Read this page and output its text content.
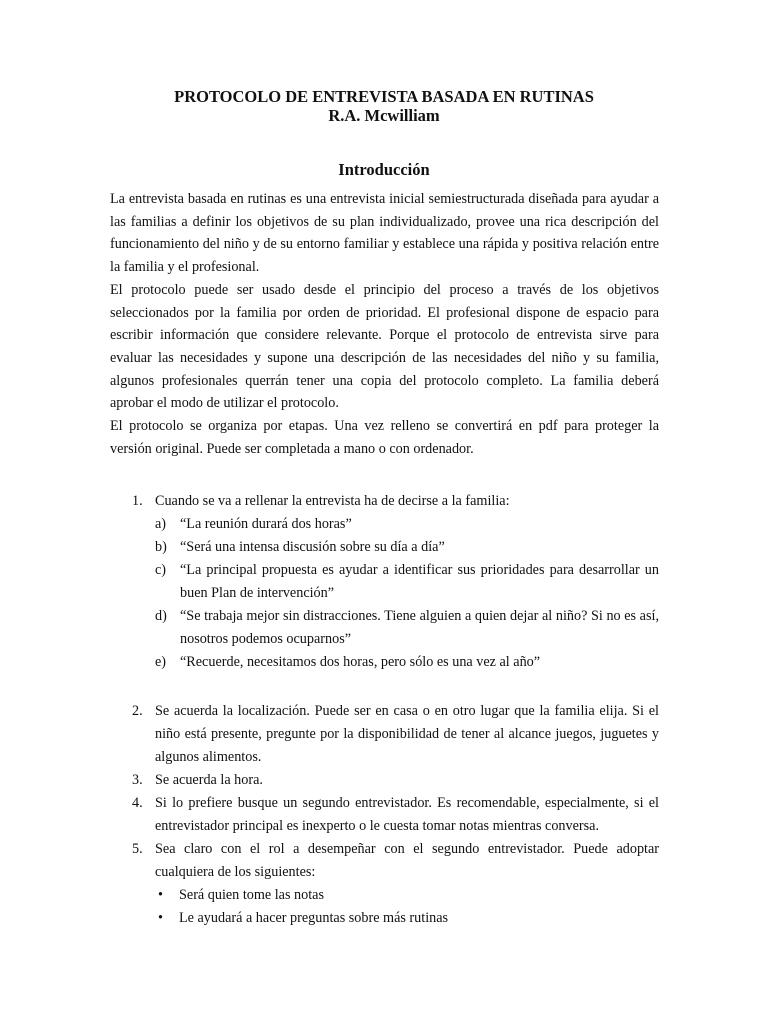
PROTOCOLO DE ENTREVISTA BASADA EN RUTINAS
R.A. Mcwilliam
Introducción

La entrevista basada en rutinas es una entrevista inicial semiestructurada diseñada para ayudar a las familias a definir los objetivos de su plan individualizado, provee una rica descripción del funcionamiento del niño y de su entorno familiar y establece una rápida y positiva relación entre la familia y el profesional.

El protocolo puede ser usado desde el principio del proceso a través de los objetivos seleccionados por la familia por orden de prioridad. El profesional dispone de espacio para escribir información que considere relevante. Porque el protocolo de entrevista sirve para evaluar las necesidades y supone una descripción de las necesidades del niño y su familia, algunos profesionales querrán tener una copia del protocolo completo. La familia deberá aprobar el modo de utilizar el protocolo.

El protocolo se organiza por etapas. Una vez relleno se convertirá en pdf para proteger la versión original. Puede ser completada a mano o con ordenador.

1. Cuando se va a rellenar la entrevista ha de decirse a la familia:
a) “La reunión durará dos horas”
b) “Será una intensa discusión sobre su día a día”
c) “La principal propuesta es ayudar a identificar sus prioridades para desarrollar un buen Plan de intervención”
d) “Se trabaja mejor sin distracciones. Tiene alguien a quien dejar al niño? Si no es así, nosotros podemos ocuparnos”
e) “Recuerde, necesitamos dos horas, pero sólo es una vez al año”
2. Se acuerda la localización. Puede ser en casa o en otro lugar que la familia elija. Si el niño está presente, pregunte por la disponibilidad de tener al alcance juegos, juguetes y algunos alimentos.
3. Se acuerda la hora.
4. Si lo prefiere busque un segundo entrevistador. Es recomendable, especialmente, si el entrevistador principal es inexperto o le cuesta tomar notas mientras conversa.
5. Sea claro con el rol a desempeñar con el segundo entrevistador. Puede adoptar cualquiera de los siguientes:
• Será quien tome las notas
• Le ayudará a hacer preguntas sobre más rutinas
